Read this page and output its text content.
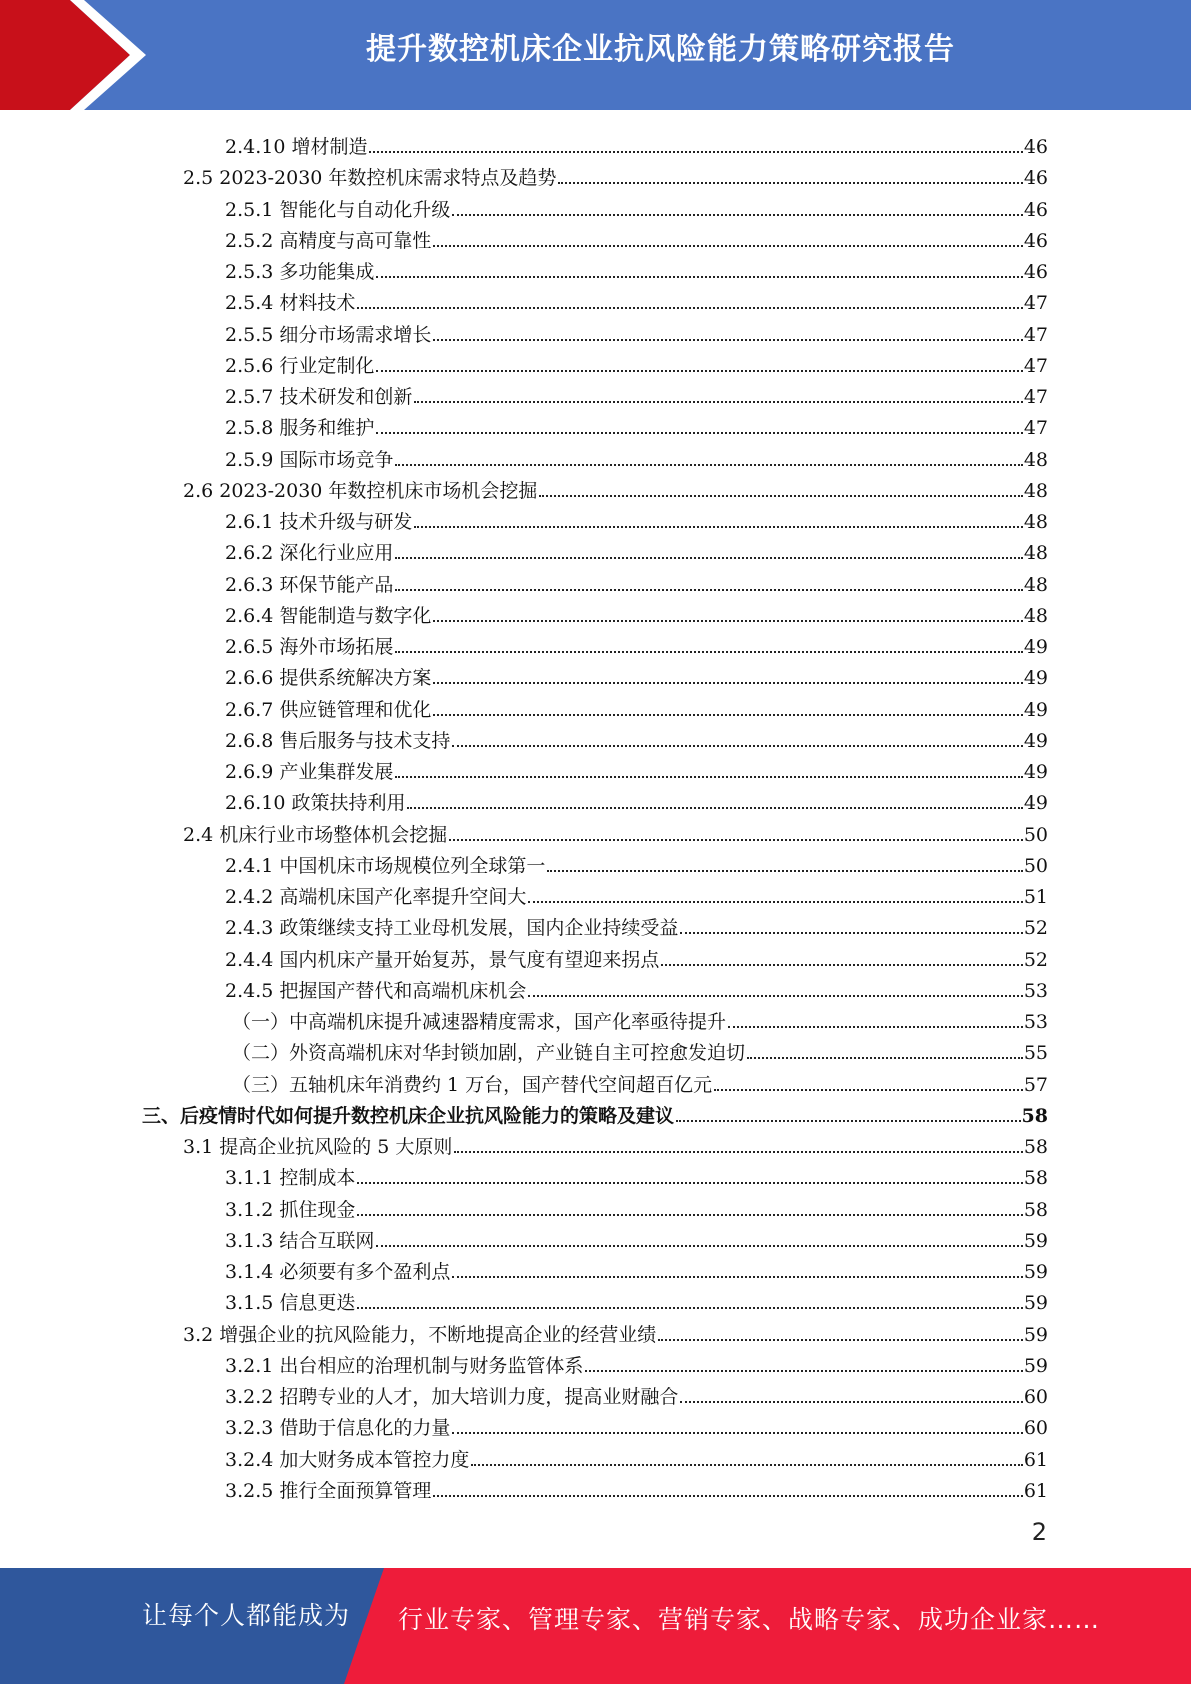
提升数控机床企业抗风险能力策略研究报告
2.4.10 增材制造	46
2.5 2023-2030 年数控机床需求特点及趋势	46
2.5.1 智能化与自动化升级	46
2.5.2 高精度与高可靠性	46
2.5.3 多功能集成	46
2.5.4 材料技术	47
2.5.5 细分市场需求增长	47
2.5.6 行业定制化	47
2.5.7 技术研发和创新	47
2.5.8 服务和维护	47
2.5.9 国际市场竞争	48
2.6 2023-2030 年数控机床市场机会挖掘	48
2.6.1 技术升级与研发	48
2.6.2 深化行业应用	48
2.6.3 环保节能产品	48
2.6.4 智能制造与数字化	48
2.6.5 海外市场拓展	49
2.6.6 提供系统解决方案	49
2.6.7 供应链管理和优化	49
2.6.8 售后服务与技术支持	49
2.6.9 产业集群发展	49
2.6.10 政策扶持利用	49
2.4 机床行业市场整体机会挖掘	50
2.4.1 中国机床市场规模位列全球第一	50
2.4.2 高端机床国产化率提升空间大	51
2.4.3 政策继续支持工业母机发展，国内企业持续受益	52
2.4.4 国内机床产量开始复苏，景气度有望迎来拐点	52
2.4.5 把握国产替代和高端机床机会	53
（一）中高端机床提升减速器精度需求，国产化率亟待提升	53
（二）外资高端机床对华封锁加剧，产业链自主可控愈发迫切	55
（三）五轴机床年消费约 1 万台，国产替代空间超百亿元	57
三、后疫情时代如何提升数控机床企业抗风险能力的策略及建议	58
3.1 提高企业抗风险的 5 大原则	58
3.1.1 控制成本	58
3.1.2 抓住现金	58
3.1.3 结合互联网	59
3.1.4 必须要有多个盈利点	59
3.1.5 信息更迭	59
3.2 增强企业的抗风险能力，不断地提高企业的经营业绩	59
3.2.1 出台相应的治理机制与财务监管体系	59
3.2.2 招聘专业的人才，加大培训力度，提高业财融合	60
3.2.3 借助于信息化的力量	60
3.2.4 加大财务成本管控力度	61
3.2.5 推行全面预算管理	61
2
让每个人都能成为 行业专家、管理专家、营销专家、战略专家、成功企业家……
